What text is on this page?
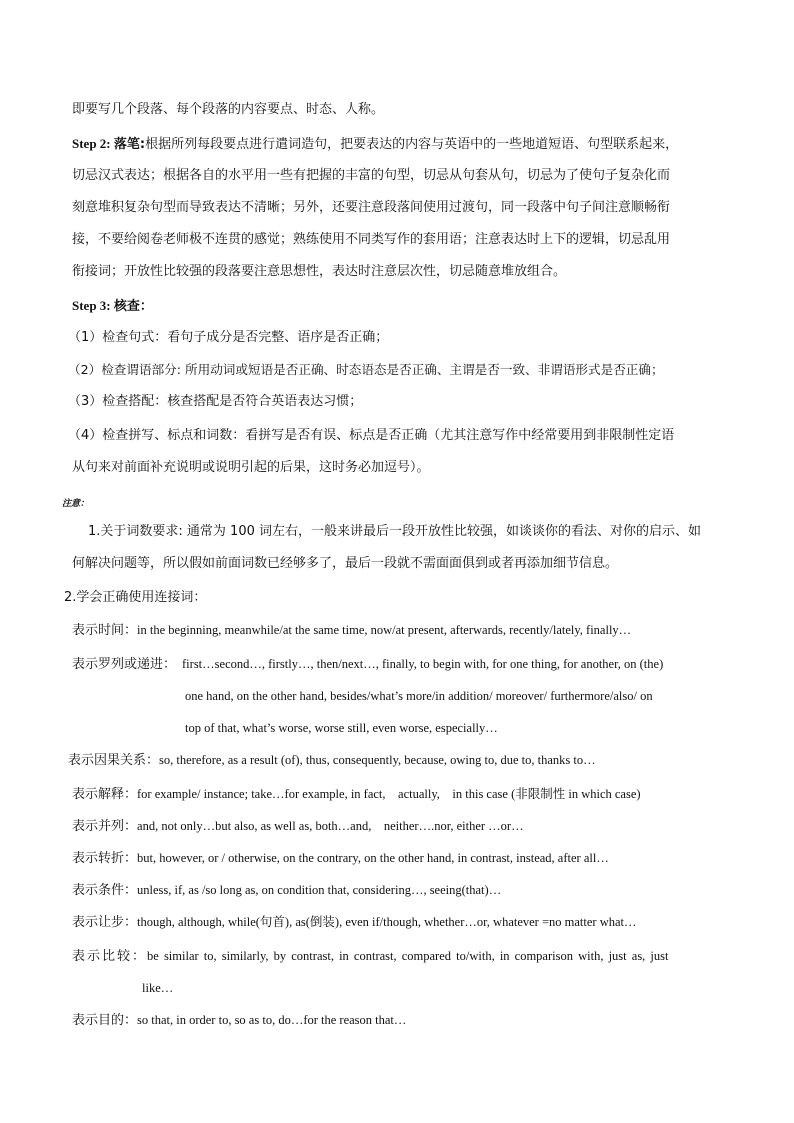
即要写几个段落、每个段落的内容要点、时态、人称。
Step 2: 落笔:根据所列每段要点进行遣词造句，把要表达的内容与英语中的一些地道短语、句型联系起来，
切忌汉式表达；根据各自的水平用一些有把握的丰富的句型，切忌从句套从句，切忌为了使句子复杂化而
刻意堆积复杂句型而导致表达不清晰；另外，还要注意段落间使用过渡句，同一段落中句子间注意顺畅衔
接，不要给阅卷老师极不连贯的感觉；熟练使用不同类写作的套用语；注意表达时上下的逻辑，切忌乱用
衔接词；开放性比较强的段落要注意思想性，表达时注意层次性，切忌随意堆放组合。
Step 3: 核查：
（1）检查句式：看句子成分是否完整、语序是否正确；
（2）检查谓语部分: 所用动词或短语是否正确、时态语态是否正确、主谓是否一致、非谓语形式是否正确；
（3）检查搭配：核查搭配是否符合英语表达习惯；
（4）检查拼写、标点和词数：看拼写是否有误、标点是否正确（尤其注意写作中经常要用到非限制性定语
从句来对前面补充说明或说明引起的后果，这时务必加逗号）。
注意：
1.关于词数要求: 通常为 100 词左右，一般来讲最后一段开放性比较强，如谈谈你的看法、对你的启示、如
何解决问题等，所以假如前面词数已经够多了，最后一段就不需面面俱到或者再添加细节信息。
2.学会正确使用连接词：
表示时间：in the beginning, meanwhile/at the same time, now/at present, afterwards, recently/lately, finally…
表示罗列或递进： first…second…, firstly…, then/next…, finally, to begin with, for one thing, for another, on (the)
one hand, on the other hand, besides/what’s more/in addition/ moreover/ furthermore/also/ on
top of that, what’s worse, worse still, even worse, especially…
表示因果关系：so, therefore, as a result (of), thus, consequently, because, owing to, due to, thanks to…
表示解释：for example/ instance; take…for example, in fact,    actually,    in this case (非限制性 in which case)
表示并列：and, not only…but also, as well as, both…and,    neither….nor, either …or…
表示转折：but, however, or / otherwise, on the contrary, on the other hand, in contrast, instead, after all…
表示条件：unless, if, as /so long as, on condition that, considering…, seeing(that)…
表示让步：though, although, while(句首), as(倒装), even if/though, whether…or, whatever =no matter what…
表示比较：be similar to, similarly, by contrast, in contrast, compared to/with, in comparison with, just as, just
like…
表示目的：so that, in order to, so as to, do…for the reason that…
